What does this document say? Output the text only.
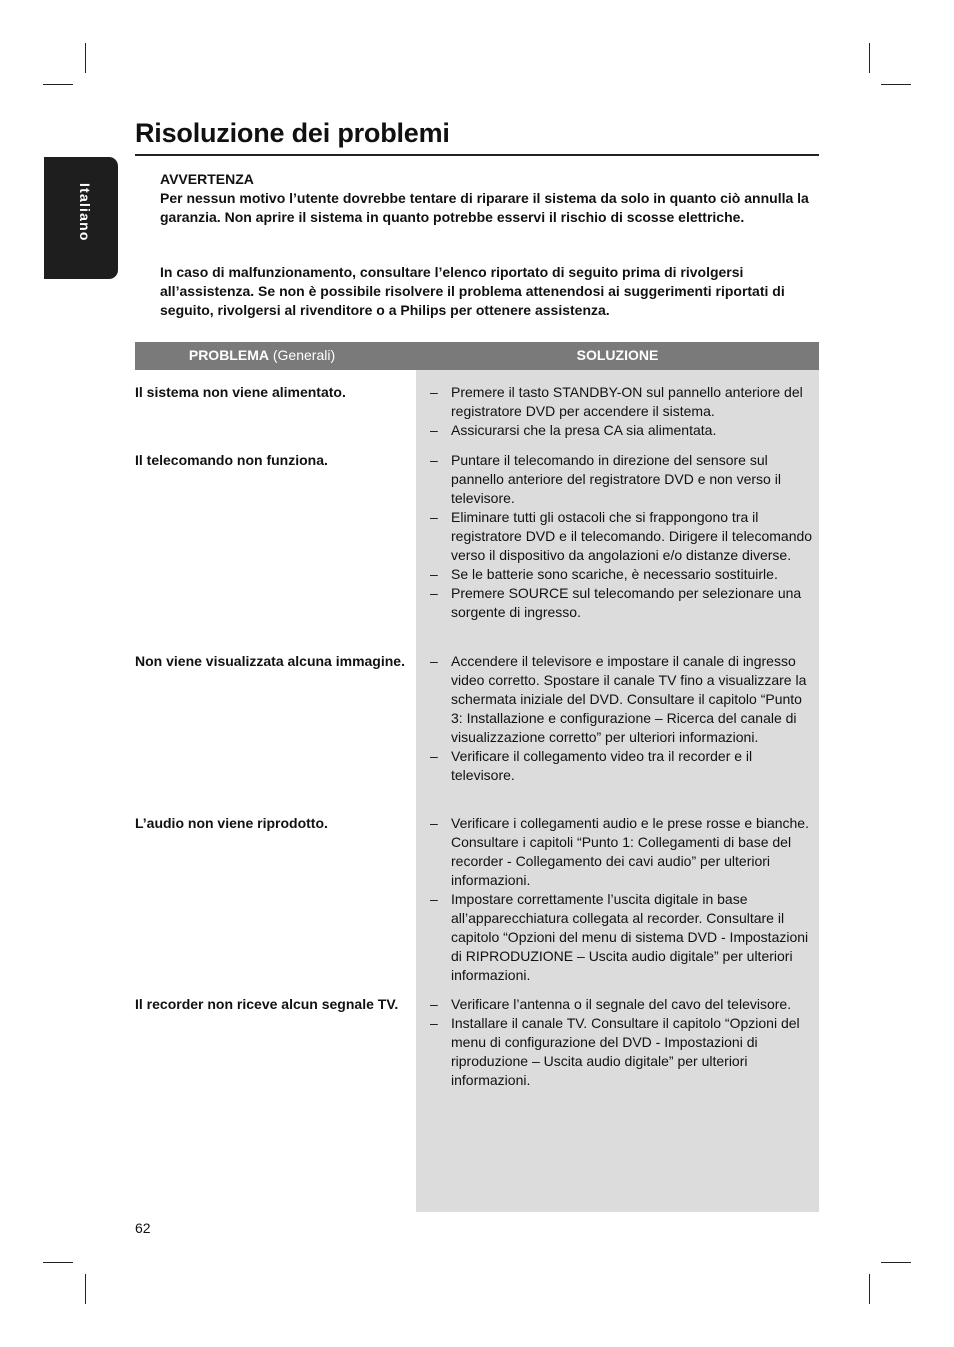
Risoluzione dei problemi
Italiano
AVVERTENZA
Per nessun motivo l’utente dovrebbe tentare di riparare il sistema da solo in quanto ciò annulla la garanzia. Non aprire il sistema in quanto potrebbe esservi il rischio di scosse elettriche.
In caso di malfunzionamento, consultare l’elenco riportato di seguito prima di rivolgersi all’assistenza. Se non è possibile risolvere il problema attenendosi ai suggerimenti riportati di seguito, rivolgersi al rivenditore o a Philips per ottenere assistenza.
PROBLEMA (Generali)	SOLUZIONE
Il sistema non viene alimentato.	– Premere il tasto STANDBY-ON sul pannello anteriore del registratore DVD per accendere il sistema.
– Assicurarsi che la presa CA sia alimentata.
Il telecomando non funziona.	– Puntare il telecomando in direzione del sensore sul pannello anteriore del registratore DVD e non verso il televisore.
– Eliminare tutti gli ostacoli che si frappongono tra il registratore DVD e il telecomando. Dirigere il telecomando verso il dispositivo da angolazioni e/o distanze diverse.
– Se le batterie sono scariche, è necessario sostituirle.
– Premere SOURCE sul telecomando per selezionare una sorgente di ingresso.
Non viene visualizzata alcuna immagine.	– Accendere il televisore e impostare il canale di ingresso video corretto. Spostare il canale TV fino a visualizzare la schermata iniziale del DVD. Consultare il capitolo “Punto 3: Installazione e configurazione – Ricerca del canale di visualizzazione corretto” per ulteriori informazioni.
– Verificare il collegamento video tra il recorder e il televisore.
L’audio non viene riprodotto.	– Verificare i collegamenti audio e le prese rosse e bianche. Consultare i capitoli “Punto 1: Collegamenti di base del recorder - Collegamento dei cavi audio” per ulteriori informazioni.
– Impostare correttamente l’uscita digitale in base all’apparecchiatura collegata al recorder. Consultare il capitolo “Opzioni del menu di sistema DVD - Impostazioni di RIPRODUZIONE – Uscita audio digitale” per ulteriori informazioni.
Il recorder non riceve alcun segnale TV.	– Verificare l’antenna o il segnale del cavo del televisore.
– Installare il canale TV. Consultare il capitolo “Opzioni del menu di configurazione del DVD - Impostazioni di riproduzione – Uscita audio digitale” per ulteriori informazioni.
62
